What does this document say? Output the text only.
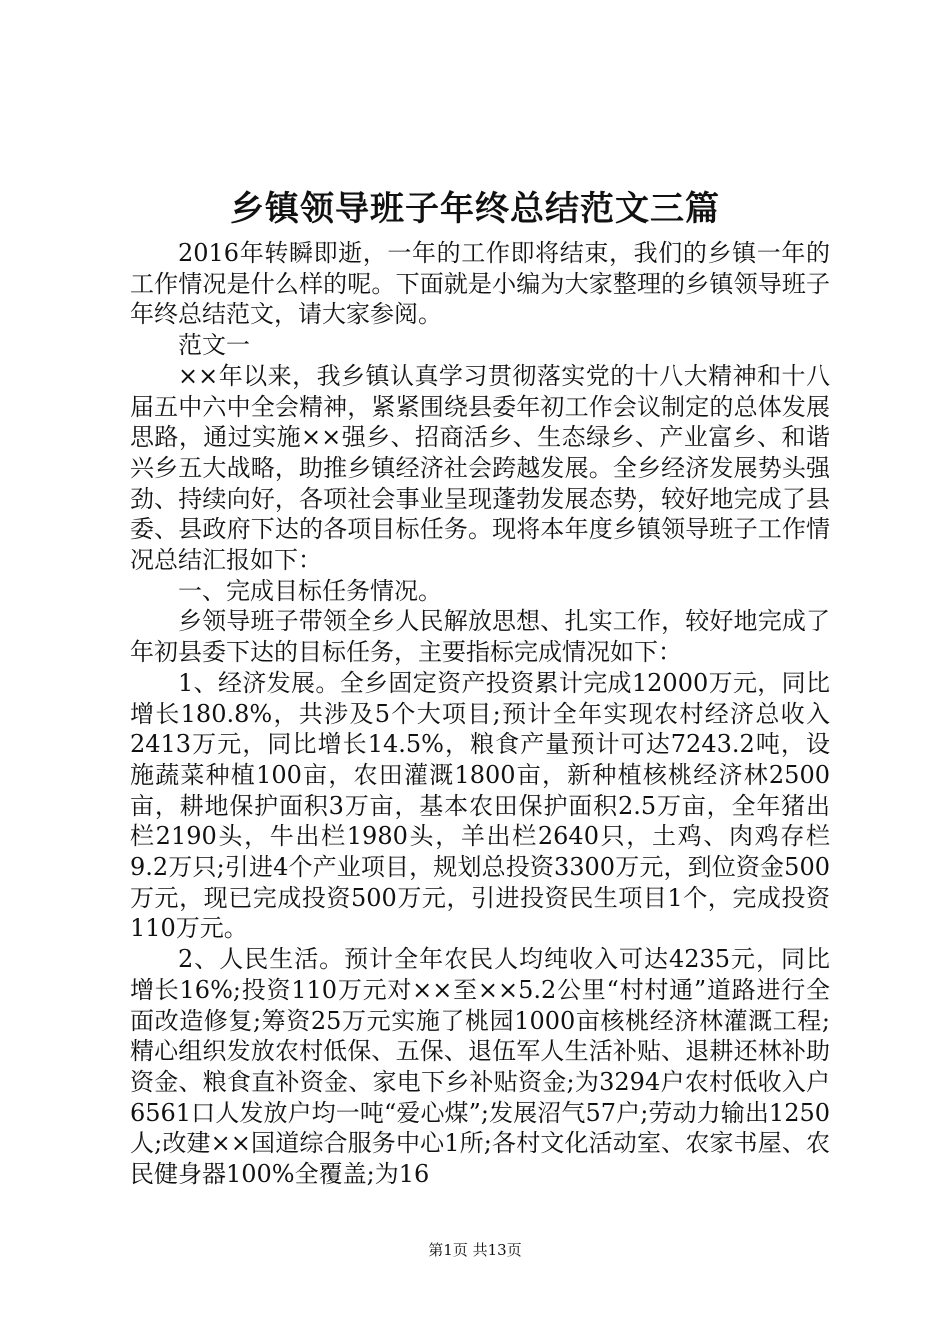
乡镇领导班子年终总结范文三篇

2016年转瞬即逝，一年的工作即将结束，我们的乡镇一年的工作情况是什么样的呢。下面就是小编为大家整理的乡镇领导班子年终总结范文，请大家参阅。

范文一

××年以来，我乡镇认真学习贯彻落实党的十八大精神和十八届五中六中全会精神，紧紧围绕县委年初工作会议制定的总体发展思路，通过实施××强乡、招商活乡、生态绿乡、产业富乡、和谐兴乡五大战略，助推乡镇经济社会跨越发展。全乡经济发展势头强劲、持续向好，各项社会事业呈现蓬勃发展态势，较好地完成了县委、县政府下达的各项目标任务。现将本年度乡镇领导班子工作情况总结汇报如下：

一、完成目标任务情况。

乡领导班子带领全乡人民解放思想、扎实工作，较好地完成了年初县委下达的目标任务，主要指标完成情况如下：

1、经济发展。全乡固定资产投资累计完成12000万元，同比增长180.8%，共涉及5个大项目;预计全年实现农村经济总收入2413万元，同比增长14.5%，粮食产量预计可达7243.2吨，设施蔬菜种植100亩，农田灌溉1800亩，新种植核桃经济林2500亩，耕地保护面积3万亩，基本农田保护面积2.5万亩，全年猪出栏2190头，牛出栏1980头，羊出栏2640只，土鸡、肉鸡存栏9.2万只;引进4个产业项目，规划总投资3300万元，到位资金500万元，现已完成投资500万元，引进投资民生项目1个，完成投资110万元。

2、人民生活。预计全年农民人均纯收入可达4235元，同比增长16%;投资110万元对××至××5.2公里“村村通”道路进行全面改造修复;筹资25万元实施了桃园1000亩核桃经济林灌溉工程;精心组织发放农村低保、五保、退伍军人生活补贴、退耕还林补助资金、粮食直补资金、家电下乡补贴资金;为3294户农村低收入户6561口人发放户均一吨“爱心煤”;发展沼气57户;劳动力输出1250人;改建××国道综合服务中心1所;各村文化活动室、农家书屋、农民健身器100%全覆盖;为16

第1页 共13页
